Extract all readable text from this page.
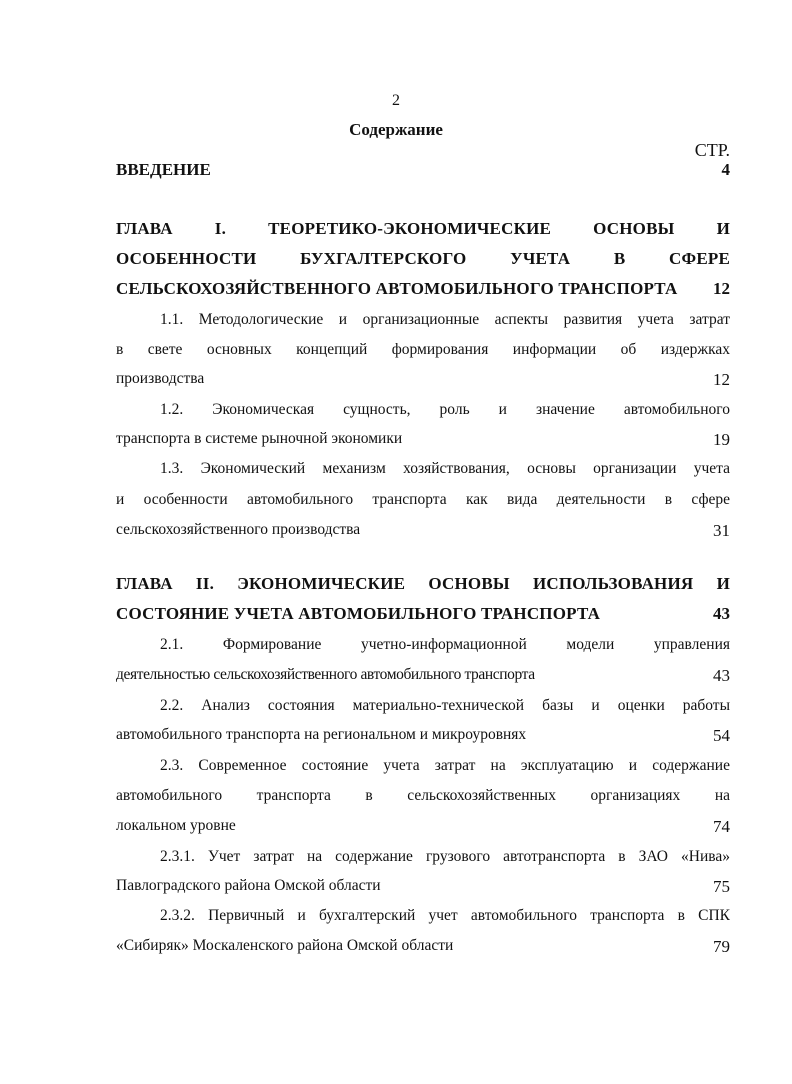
2
Содержание
СТР.
ВВЕДЕНИЕ	4
ГЛАВА I. ТЕОРЕТИКО-ЭКОНОМИЧЕСКИЕ ОСНОВЫ И
ОСОБЕННОСТИ БУХГАЛТЕРСКОГО УЧЕТА В СФЕРЕ
СЕЛЬСКОХОЗЯЙСТВЕННОГО АВТОМОБИЛЬНОГО ТРАНСПОРТА	12
1.1. Методологические и организационные аспекты развития учета затрат
в свете основных концепций формирования информации об издержках
производства	12
1.2. Экономическая сущность, роль и значение автомобильного
транспорта в системе рыночной экономики	19
1.3. Экономический механизм хозяйствования, основы организации учета
и особенности автомобильного транспорта как вида деятельности в сфере
сельскохозяйственного производства	31
ГЛАВА II. ЭКОНОМИЧЕСКИЕ ОСНОВЫ ИСПОЛЬЗОВАНИЯ И
СОСТОЯНИЕ УЧЕТА АВТОМОБИЛЬНОГО ТРАНСПОРТА	43
2.1. Формирование учетно-информационной модели управления
деятельностью сельскохозяйственного автомобильного транспорта	43
2.2. Анализ состояния материально-технической базы и оценки работы
автомобильного транспорта на региональном и микроуровнях	54
2.3. Современное состояние учета затрат на эксплуатацию и содержание
автомобильного транспорта в сельскохозяйственных организациях на
локальном уровне	74
2.3.1. Учет затрат на содержание грузового автотранспорта в ЗАО «Нива»
Павлоградского района Омской области	75
2.3.2. Первичный и бухгалтерский учет автомобильного транспорта в СПК
«Сибиряк» Москаленского района Омской области	79
